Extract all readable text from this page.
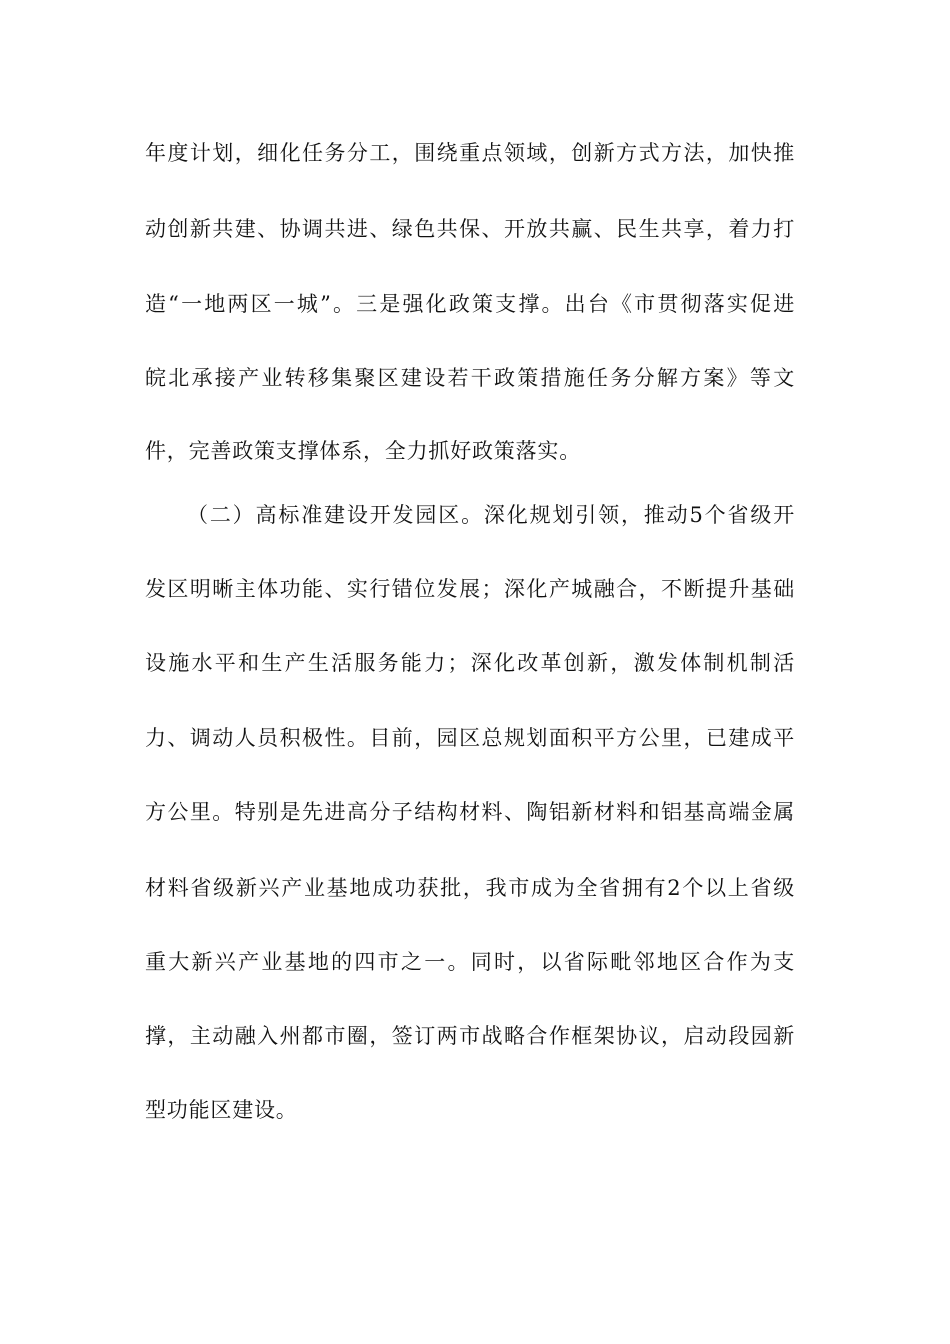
年度计划，细化任务分工，围绕重点领域，创新方式方法，加快推
动创新共建、协调共进、绿色共保、开放共赢、民生共享，着力打
造“一地两区一城”。三是强化政策支撑。出台《市贯彻落实促进
皖北承接产业转移集聚区建设若干政策措施任务分解方案》等文
件，完善政策支撑体系，全力抓好政策落实。
（二）高标准建设开发园区。深化规划引领，推动5个省级开
发区明晰主体功能、实行错位发展；深化产城融合，不断提升基础
设施水平和生产生活服务能力；深化改革创新，激发体制机制活
力、调动人员积极性。目前，园区总规划面积平方公里，已建成平
方公里。特别是先进高分子结构材料、陶铝新材料和铝基高端金属
材料省级新兴产业基地成功获批，我市成为全省拥有2个以上省级
重大新兴产业基地的四市之一。同时，以省际毗邻地区合作为支
撑，主动融入州都市圈，签订两市战略合作框架协议，启动段园新
型功能区建设。
